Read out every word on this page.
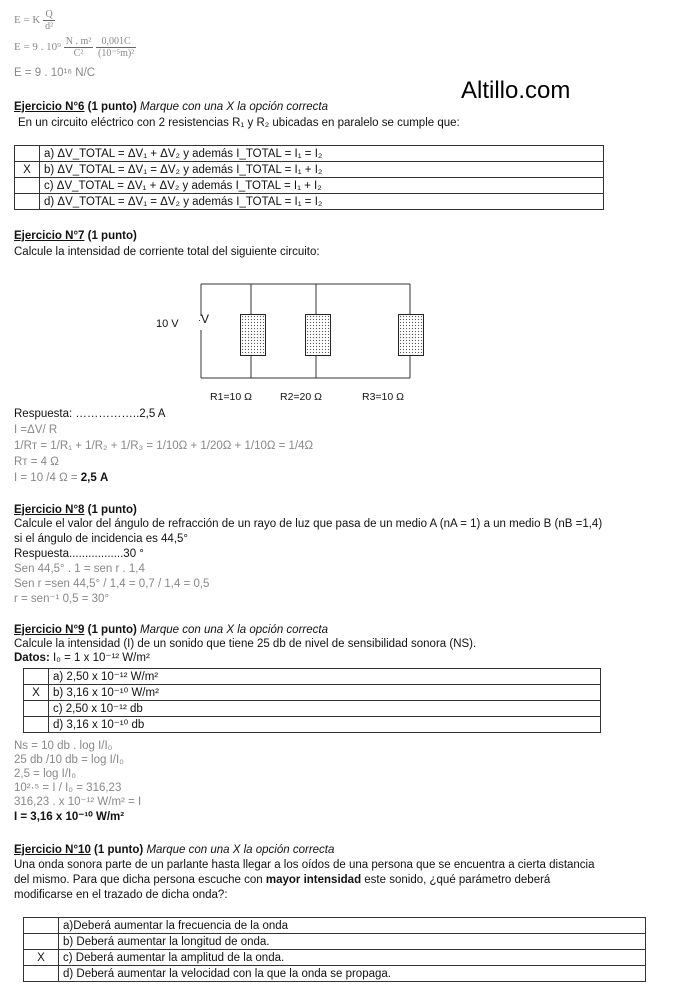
E = K $\frac{Q}{\text{d²}}$
E = 9 . $10^9 \frac{\text{N . m²}}{\text{C²}}$
$\frac{0,001C}{\text{(10⁻⁵m)²}}$
E = 9 . 10¹⁶ N/C
Altillo.com
Ejercicio N°6 (1 punto) Marque con una X la opción correcta
En un circuito eléctrico con 2 resistencias R₁ y R₂ ubicadas en paralelo se cumple que:
	a) ΔV_TOTAL = ΔV₁ + ΔV₂ y además I_TOTAL = I₁ = I₂
X	b) ΔV_TOTAL = ΔV₁ = ΔV₂ y además I_TOTAL = I₁ + I₂
	c) ΔV_TOTAL = ΔV₁ + ΔV₂ y además I_TOTAL = I₁ + I₂
	d) ΔV_TOTAL = ΔV₁ = ΔV₂ y además I_TOTAL = I₁ = I₂
Ejercicio N°7 (1 punto)
Calcule la intensidad de corriente total del siguiente circuito:
10 V ·V
R1=10 Ω	R2=20 Ω	R3=10 Ω
Respuesta: ……………..2,5 A
I =ΔV/ R
1/Rт = 1/R₁ + 1/R₂ + 1/R₃ = 1/10Ω + 1/20Ω + 1/10Ω = 1/4Ω
Rт = 4 Ω
I = 10 /4 Ω = 2,5 A
Ejercicio N°8 (1 punto)
Calcule el valor del ángulo de refracción de un rayo de luz que pasa de un medio A (nA = 1) a un medio B (nB =1,4)
si el ángulo de incidencia es 44,5°
Respuesta.................30 °
Sen 44,5° . 1 = sen r . 1,4
Sen r =sen 44,5° / 1,4 = 0,7 / 1,4 = 0,5
r = sen⁻¹ 0,5 = 30°
Ejercicio N°9 (1 punto) Marque con una X la opción correcta
Calcule la intensidad (I) de un sonido que tiene 25 db de nivel de sensibilidad sonora (NS).
Datos: I₀ = 1 x 10⁻¹² W/m²
	a) 2,50 x 10⁻¹² W/m²
X	b) 3,16 x 10⁻¹⁰ W/m²
	c) 2,50 x 10⁻¹² db
	d) 3,16 x 10⁻¹⁰ db
Ns = 10 db . log I/I₀
25 db /10 db = log I/I₀
2,5 = log I/I₀
10²·⁵ = I / I₀ = 316,23
316,23 . x 10⁻¹² W/m² = I
I = 3,16 x 10⁻¹⁰ W/m²
Ejercicio N°10 (1 punto) Marque con una X la opción correcta
Una onda sonora parte de un parlante hasta llegar a los oídos de una persona que se encuentra a cierta distancia
del mismo. Para que dicha persona escuche con mayor intensidad este sonido, ¿qué parámetro deberá
modificarse en el trazado de dicha onda?:
	a)Deberá aumentar la frecuencia de la onda
	b) Deberá aumentar la longitud de onda.
X	c) Deberá aumentar la amplitud de la onda.
	d) Deberá aumentar la velocidad con la que la onda se propaga.
